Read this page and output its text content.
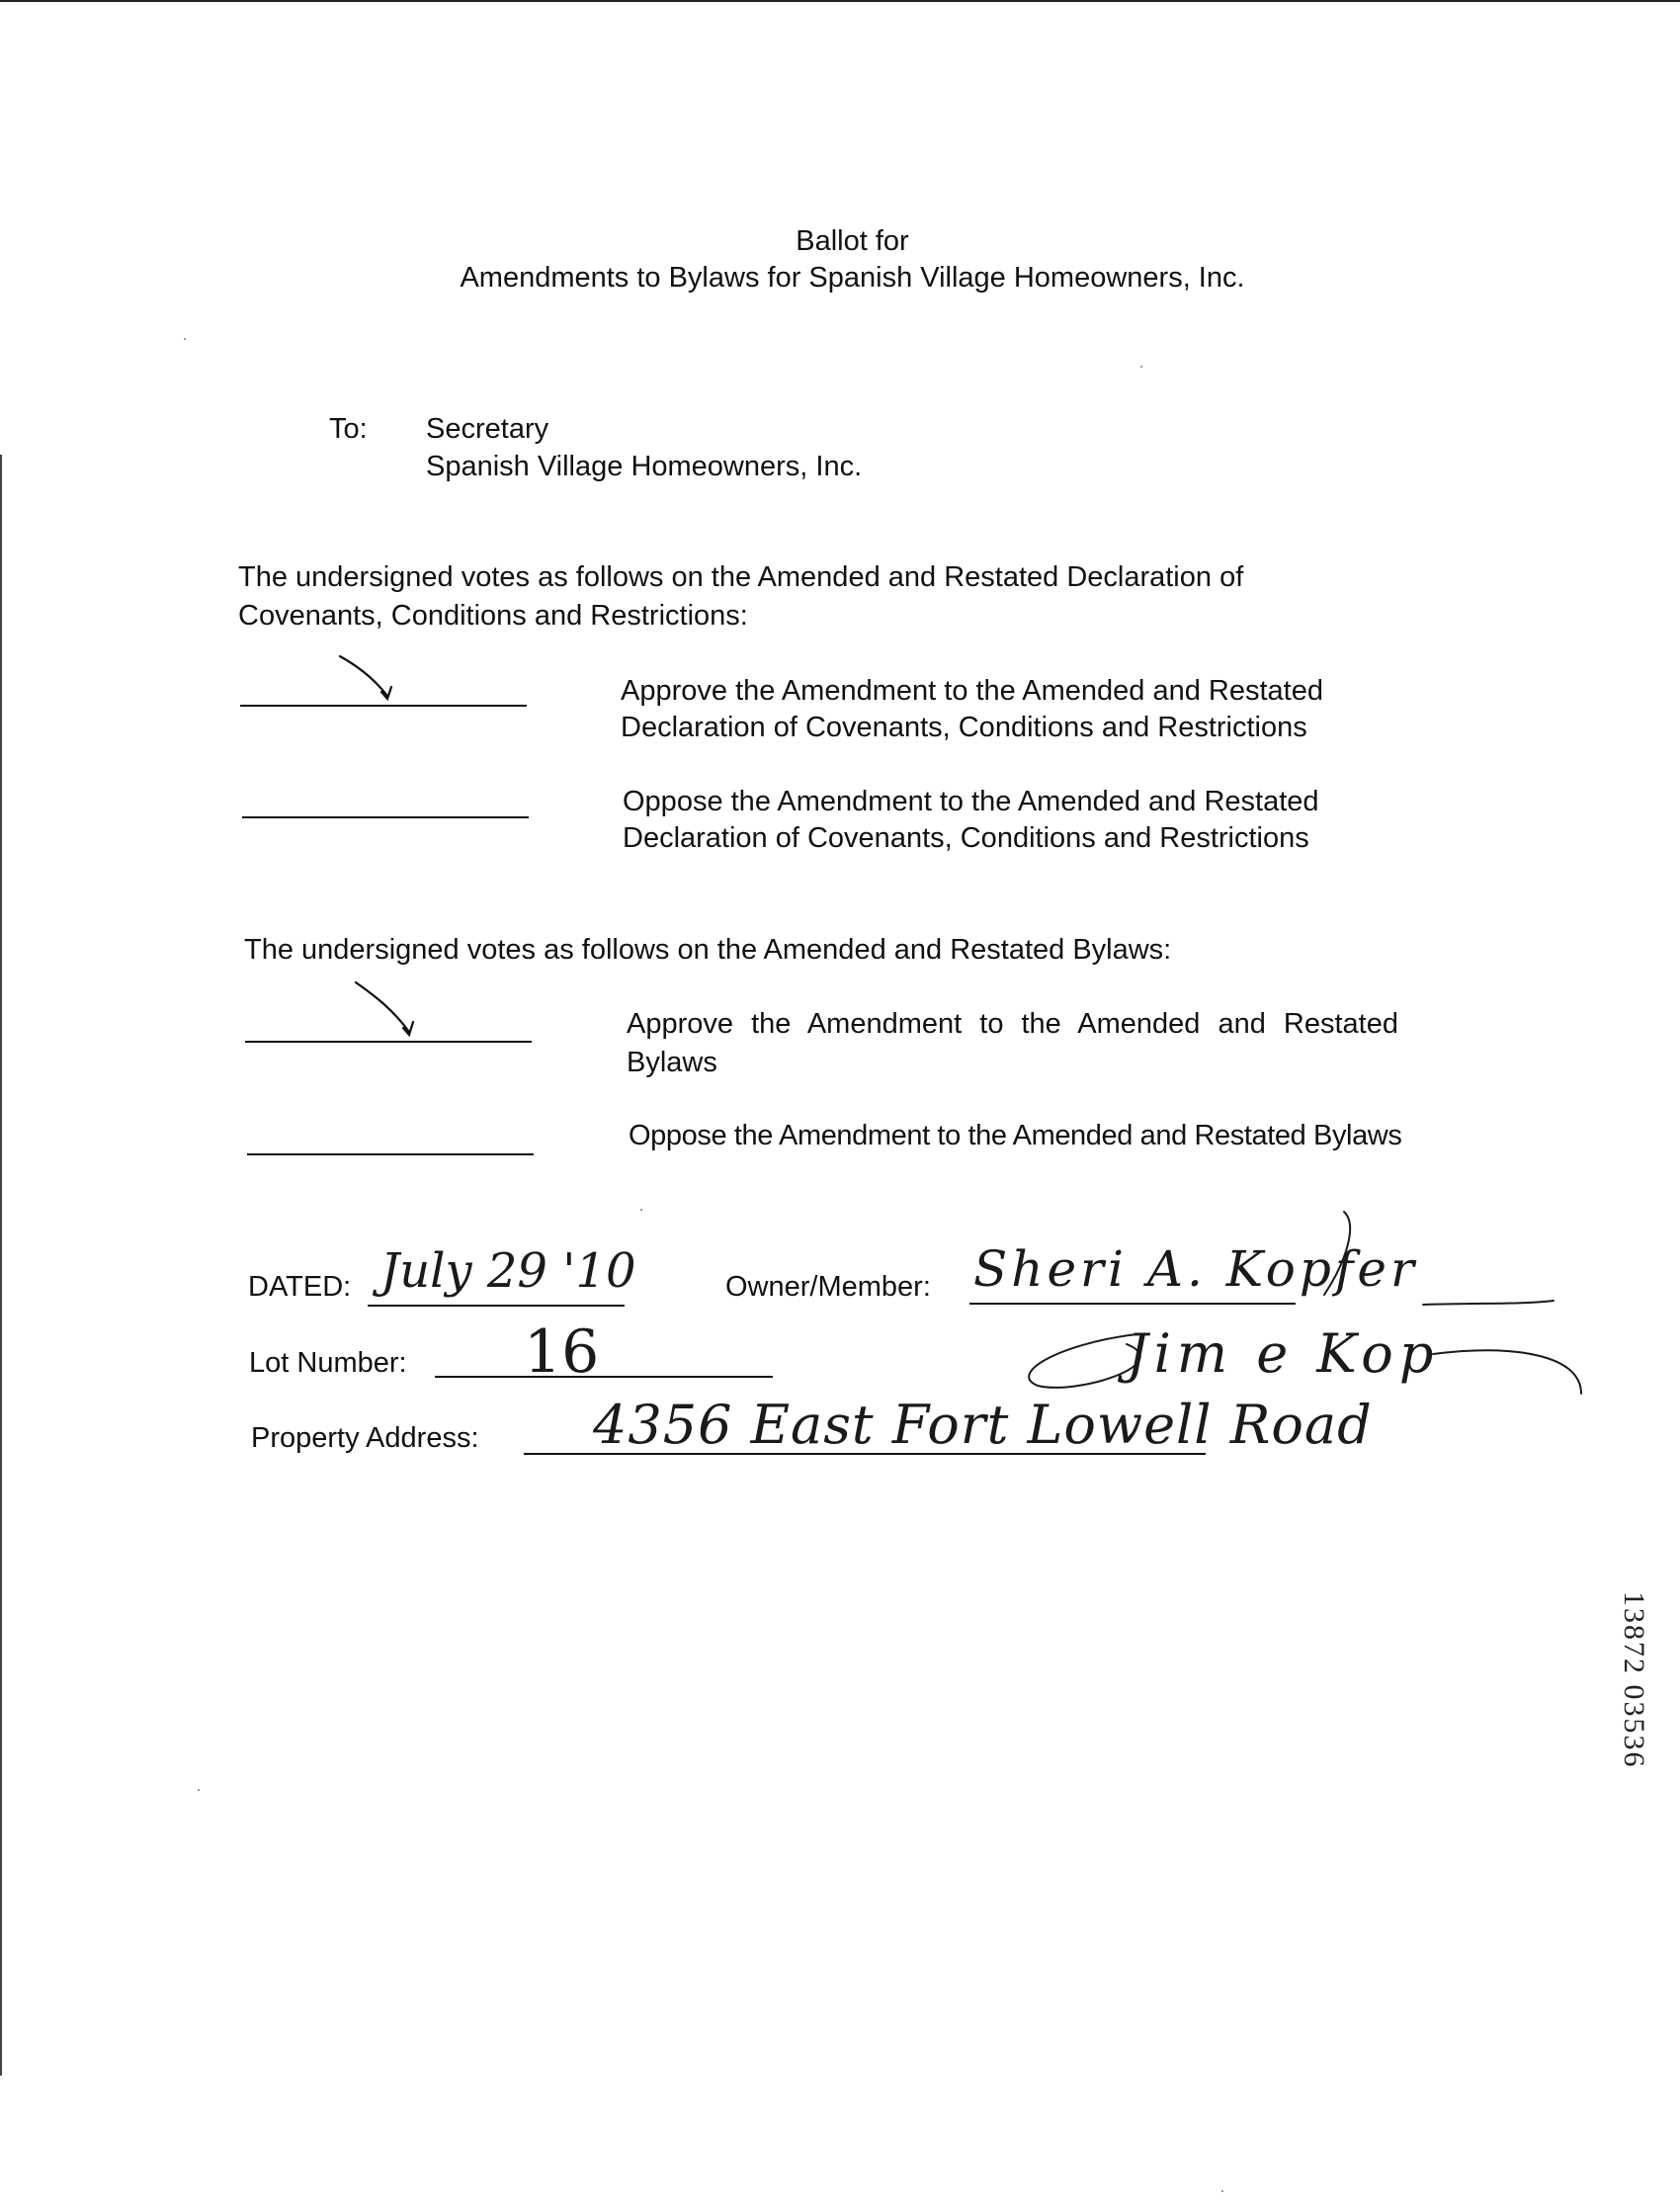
Ballot for
Amendments to Bylaws for Spanish Village Homeowners, Inc.
To: Secretary
Spanish Village Homeowners, Inc.
The undersigned votes as follows on the Amended and Restated Declaration of
Covenants, Conditions and Restrictions:
Approve the Amendment to the Amended and Restated
Declaration of Covenants, Conditions and Restrictions
Oppose the Amendment to the Amended and Restated
Declaration of Covenants, Conditions and Restrictions
The undersigned votes as follows on the Amended and Restated Bylaws:
Approve the Amendment to the Amended and Restated
Bylaws
Oppose the Amendment to the Amended and Restated Bylaws
DATED: July 29 '10	Owner/Member: Sheri A. Kopfer
Jim e Kop
Lot Number: 16
Property Address: 4356 East Fort Lowell Road
13872 03536
